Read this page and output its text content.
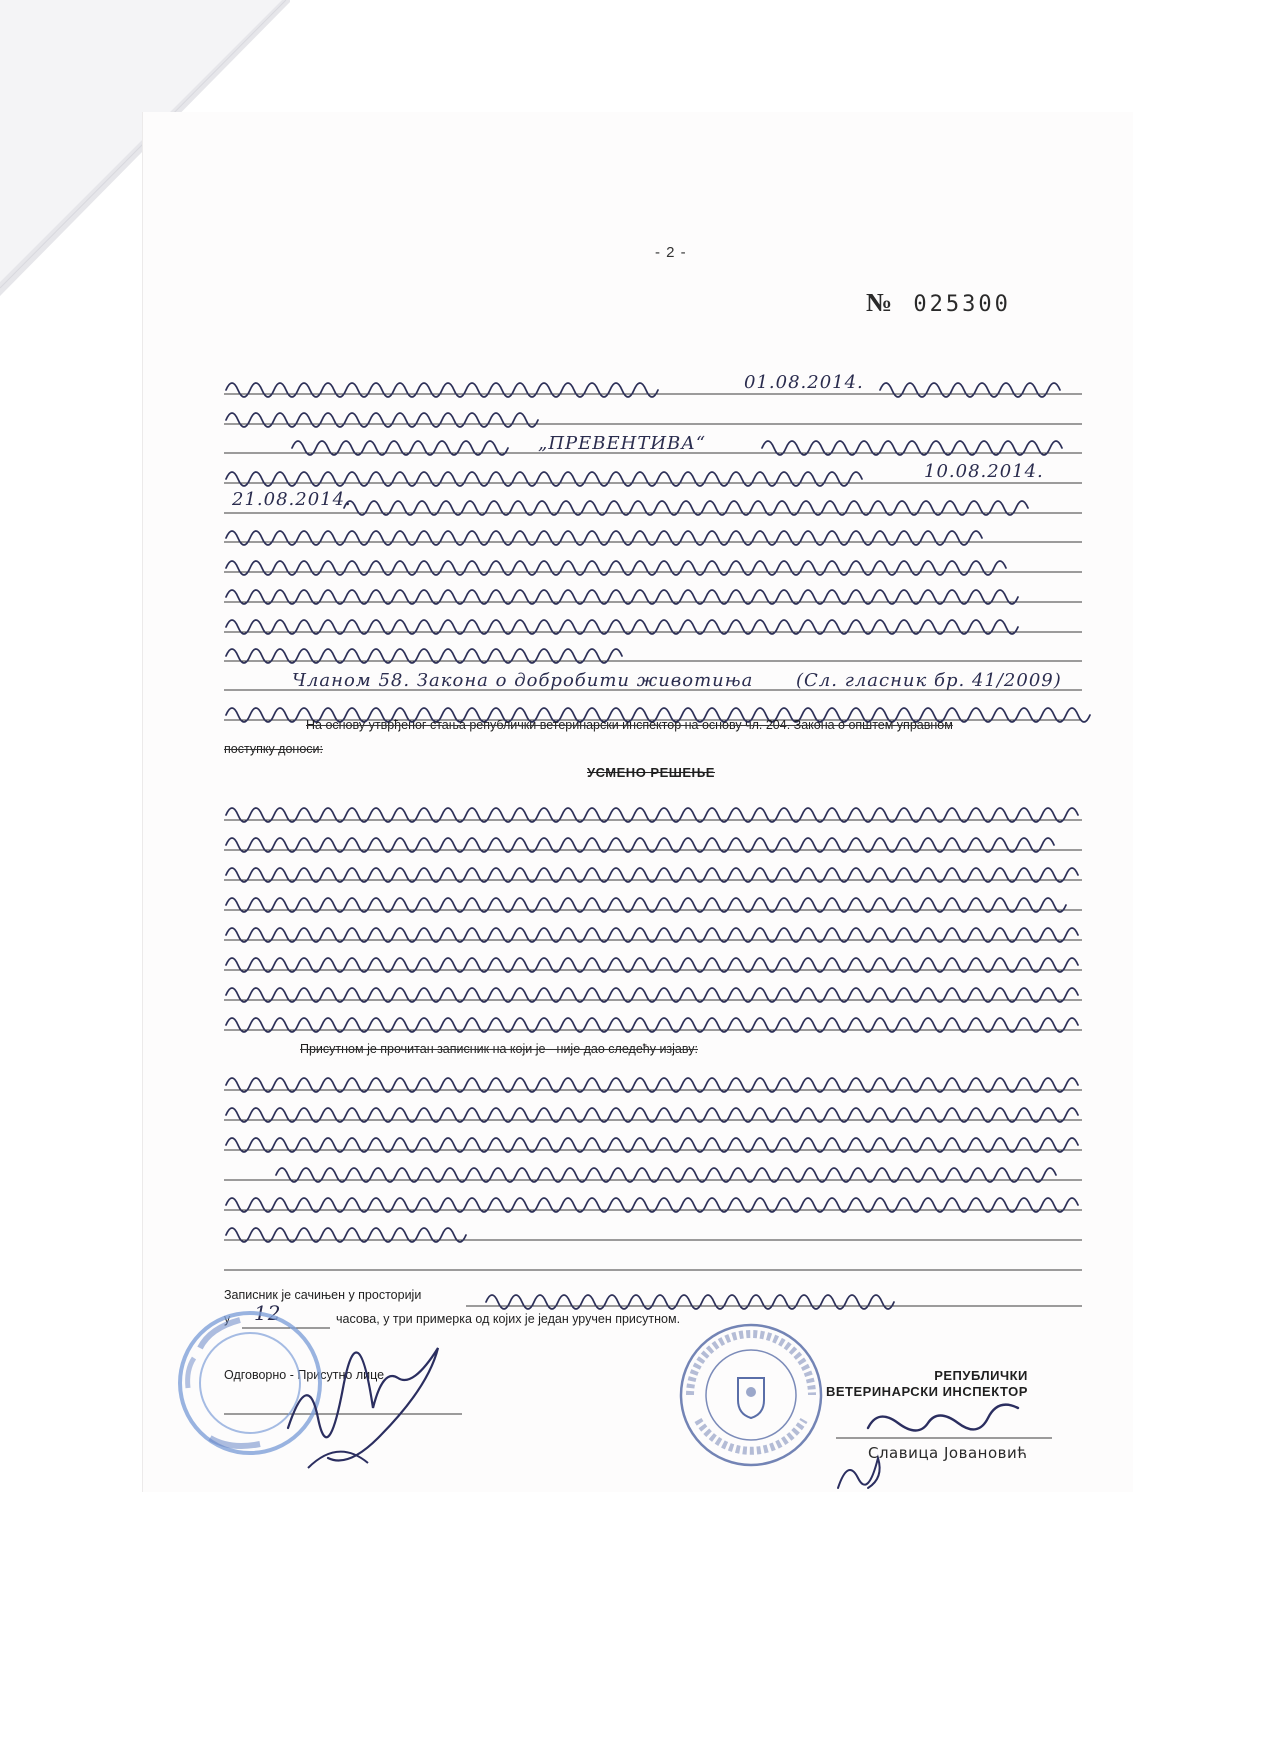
- 2 -
№ 025300
01.08.2014.
„ПРЕВЕНТИВА“
10.08.2014.
21.08.2014.
Чланом 58. Закона о добробити животиња (Сл. гласник бр. 41/2009)
На основу утврђеног стања републички ветеринарски инспектор на основу чл. 204. Закона о општем управном
поступку доноси:
УСМЕНО РЕШЕЊЕ
Присутном је прочитан записник на који је - није дао следећу изјаву:
Записник је сачињен у просторији
у 12	часова, у три примерка од којих је један уручен присутном.
Одговорно - Присутно лице	РЕПУБЛИЧКИ
ВЕТЕРИНАРСКИ ИНСПЕКТОР
Славица Јовановић
